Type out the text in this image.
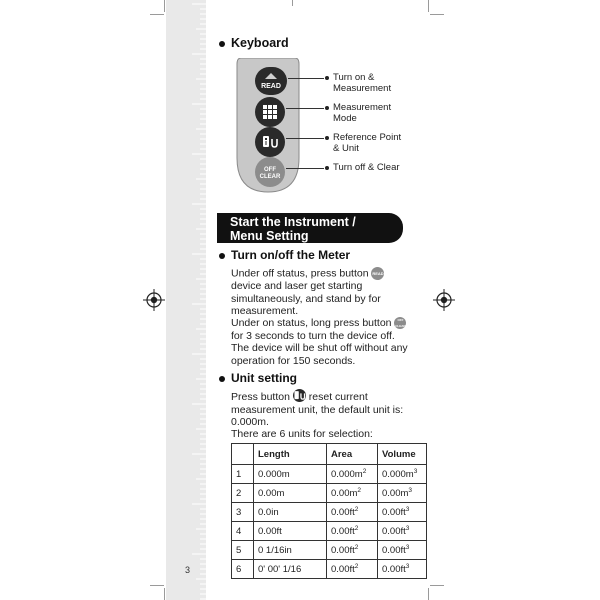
Keyboard
READ
OFF
CLEAR
Turn on &
Measurement
Measurement
Mode
Reference Point
& Unit
Turn off & Clear
Start the Instrument /
Menu Setting
Turn on/off the Meter
Under off status, press button READ device and laser get starting simultaneously, and stand by for measurement.
Under on status, long press button	OFF
CLEAR
for 3 seconds to turn the device off. The device will be shut off without any operation for 150 seconds.
Unit setting
Press button reset current measurement unit, the default unit is: 0.000m.
There are 6 units for selection:
	Length	Area	Volume
1	0.000m	$0.000m^2$	$0.000m^3$
2	0.00m	$0.00m^2$	$0.00m^3$
3	0.0in	$0.00ft^2$	$0.00ft^3$
4	0.00ft	$0.00ft^2$	$0.00ft^3$
5	0 1/16in	$0.00ft^2$	$0.00ft^3$
6	0' 00' 1/16	$0.00ft^2$	$0.00ft^3$
3
